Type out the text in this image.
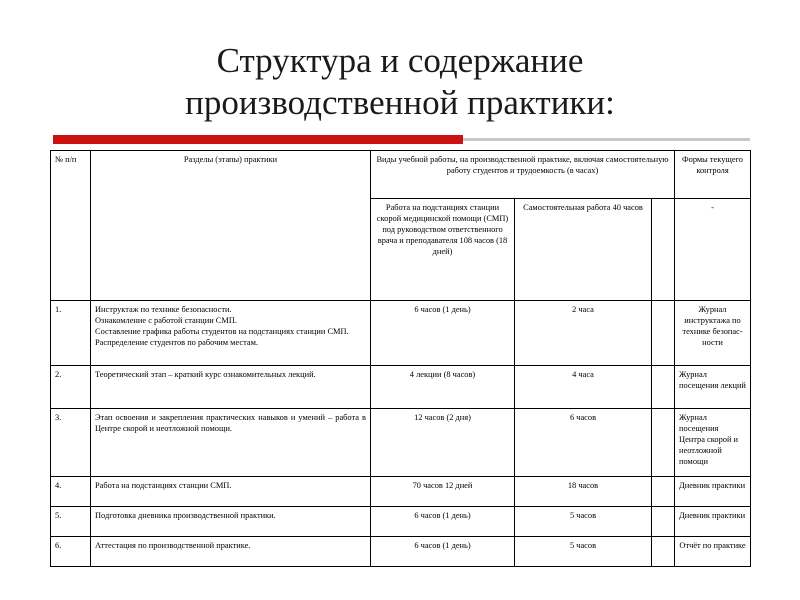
Структура и содержание
производственной практики:
№ п/п	Разделы (этапы) практики	Виды учебной работы, на производственной практике, включая самостоятельную работу студентов и трудоемкость (в часах)			Формы текущего контроля
		Работа на подстанциях станции скорой медицинской помощи (СМП) под руководством ответственного врача и преподавателя 108 часов (18 дней)	Самостоятельная работа 40 часов		-
1.	Инструктаж по технике безопасности.
Ознакомление с работой станции СМП.
Составление графика работы студентов на подстанциях станции СМП.
Распределение студентов по рабочим местам.	6 часов (1 день)	2 часа		Журнал инструктажа по технике безопас-ности
2.	Теоретический этап – краткий курс ознакомительных лекций.	4 лекции (8 часов)	4 часа		Журнал посещения лекций
3.	Этап освоения и закрепления практических навыков и умений – работа в Центре скорой и неотложной помощи.	12 часов (2 дня)	6 часов		Журнал посещения Центра скорой и неотложной помощи
4.	Работа на подстанциях станции СМП.	70 часов 12 дней	18 часов		Дневник практики
5.	Подготовка дневника производственной практики.	6 часов (1 день)	5 часов		Дневник практики
6.	Аттестация по производственной практике.	6 часов (1 день)	5 часов		Отчёт по практике
